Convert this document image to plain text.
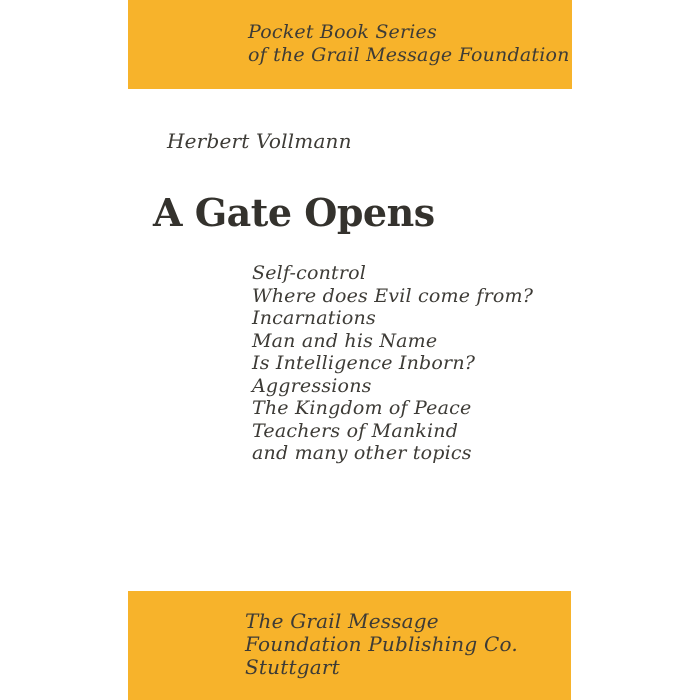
Pocket Book Series
of the Grail Message Foundation
Herbert Vollmann
A Gate Opens
Self-control
Where does Evil come from?
Incarnations
Man and his Name
Is Intelligence Inborn?
Aggressions
The Kingdom of Peace
Teachers of Mankind
and many other topics
The Grail Message
Foundation Publishing Co.
Stuttgart
